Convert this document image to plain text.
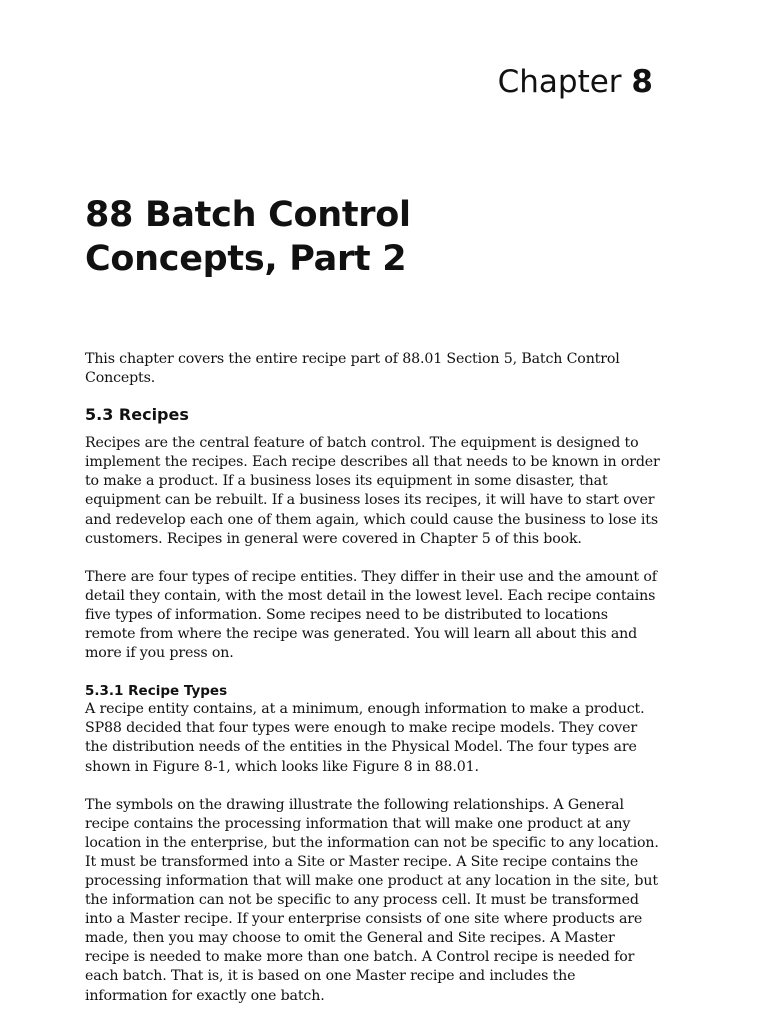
Chapter 8
88 Batch Control
Concepts, Part 2

This chapter covers the entire recipe part of 88.01 Section 5, Batch Control Concepts.

5.3 Recipes

Recipes are the central feature of batch control. The equipment is designed to implement the recipes. Each recipe describes all that needs to be known in order to make a product. If a business loses its equipment in some disaster, that equipment can be rebuilt. If a business loses its recipes, it will have to start over and redevelop each one of them again, which could cause the business to lose its customers. Recipes in general were covered in Chapter 5 of this book.

There are four types of recipe entities. They differ in their use and the amount of detail they contain, with the most detail in the lowest level. Each recipe contains five types of information. Some recipes need to be distributed to locations remote from where the recipe was generated. You will learn all about this and more if you press on.

5.3.1 Recipe Types

A recipe entity contains, at a minimum, enough information to make a product. SP88 decided that four types were enough to make recipe models. They cover the distribution needs of the entities in the Physical Model. The four types are shown in Figure 8-1, which looks like Figure 8 in 88.01.

The symbols on the drawing illustrate the following relationships. A General recipe contains the processing information that will make one product at any location in the enterprise, but the information can not be specific to any location. It must be transformed into a Site or Master recipe. A Site recipe contains the processing information that will make one product at any location in the site, but the information can not be specific to any process cell. It must be transformed into a Master recipe. If your enterprise consists of one site where products are made, then you may choose to omit the General and Site recipes. A Master recipe is needed to make more than one batch. A Control recipe is needed for each batch. That is, it is based on one Master recipe and includes the information for exactly one batch.
